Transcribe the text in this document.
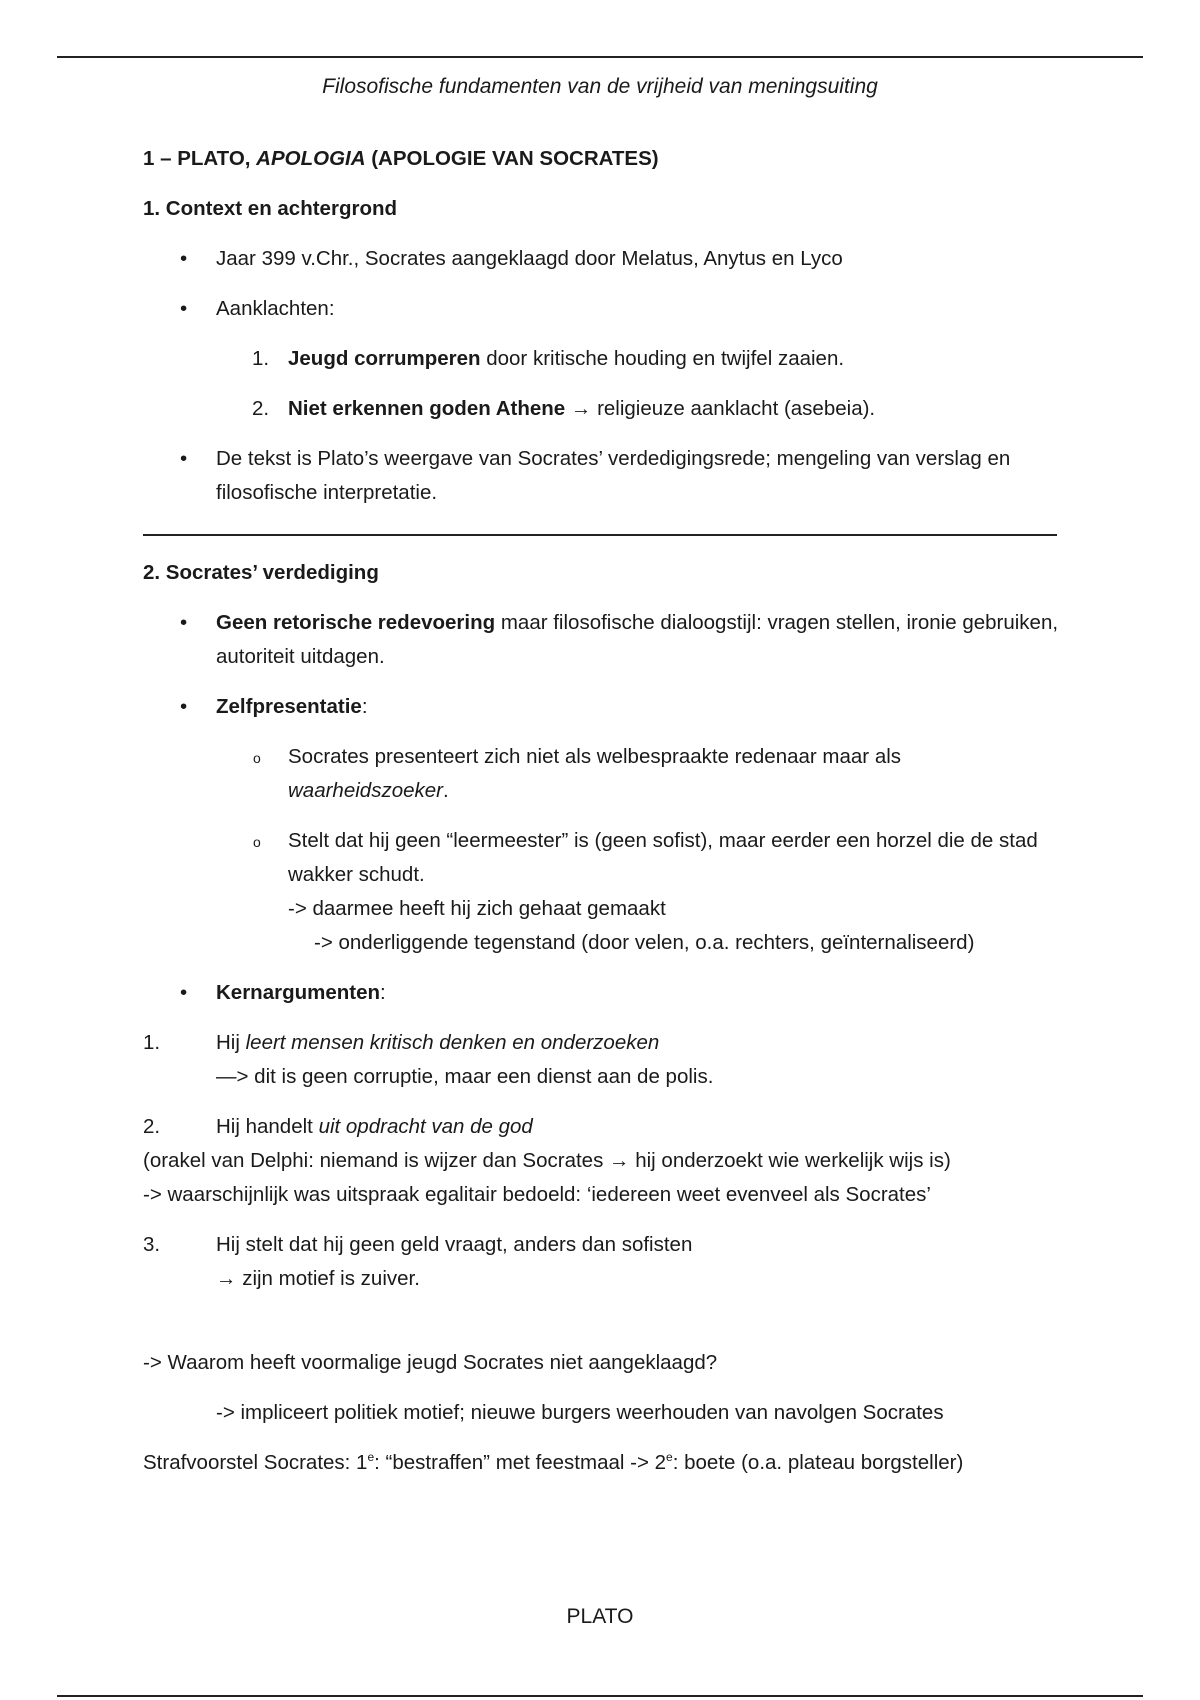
Filosofische fundamenten van de vrijheid van meningsuiting

1 – PLATO, APOLOGIA (APOLOGIE VAN SOCRATES)

1. Context en achtergrond

• Jaar 399 v.Chr., Socrates aangeklaagd door Melatus, Anytus en Lyco
• Aanklachten:
1. Jeugd corrumperen door kritische houding en twijfel zaaien.
2. Niet erkennen goden Athene → religieuze aanklacht (asebeia).
• De tekst is Plato’s weergave van Socrates’ verdedigingsrede; mengeling van verslag en filosofische interpretatie.

2. Socrates’ verdediging

• Geen retorische redevoering maar filosofische dialoogstijl: vragen stellen, ironie gebruiken, autoriteit uitdagen.
• Zelfpresentatie:
o Socrates presenteert zich niet als welbespraakte redenaar maar als waarheidszoeker.
o Stelt dat hij geen “leermeester” is (geen sofist), maar eerder een horzel die de stad wakker schudt.
-> daarmee heeft hij zich gehaat gemaakt
-> onderliggende tegenstand (door velen, o.a. rechters, geïnternaliseerd)
• Kernargumenten:
1.	Hij leert mensen kritisch denken en onderzoeken
—> dit is geen corruptie, maar een dienst aan de polis.
2.	Hij handelt uit opdracht van de god
(orakel van Delphi: niemand is wijzer dan Socrates → hij onderzoekt wie werkelijk wijs is)
-> waarschijnlijk was uitspraak egalitair bedoeld: ‘iedereen weet evenveel als Socrates’
3.	Hij stelt dat hij geen geld vraagt, anders dan sofisten
→ zijn motief is zuiver.

-> Waarom heeft voormalige jeugd Socrates niet aangeklaagd?

-> impliceert politiek motief; nieuwe burgers weerhouden van navolgen Socrates

Strafvoorstel Socrates: 1e: “bestraffen” met feestmaal -> $2^e$: boete (o.a. plateau borgsteller)

PLATO
